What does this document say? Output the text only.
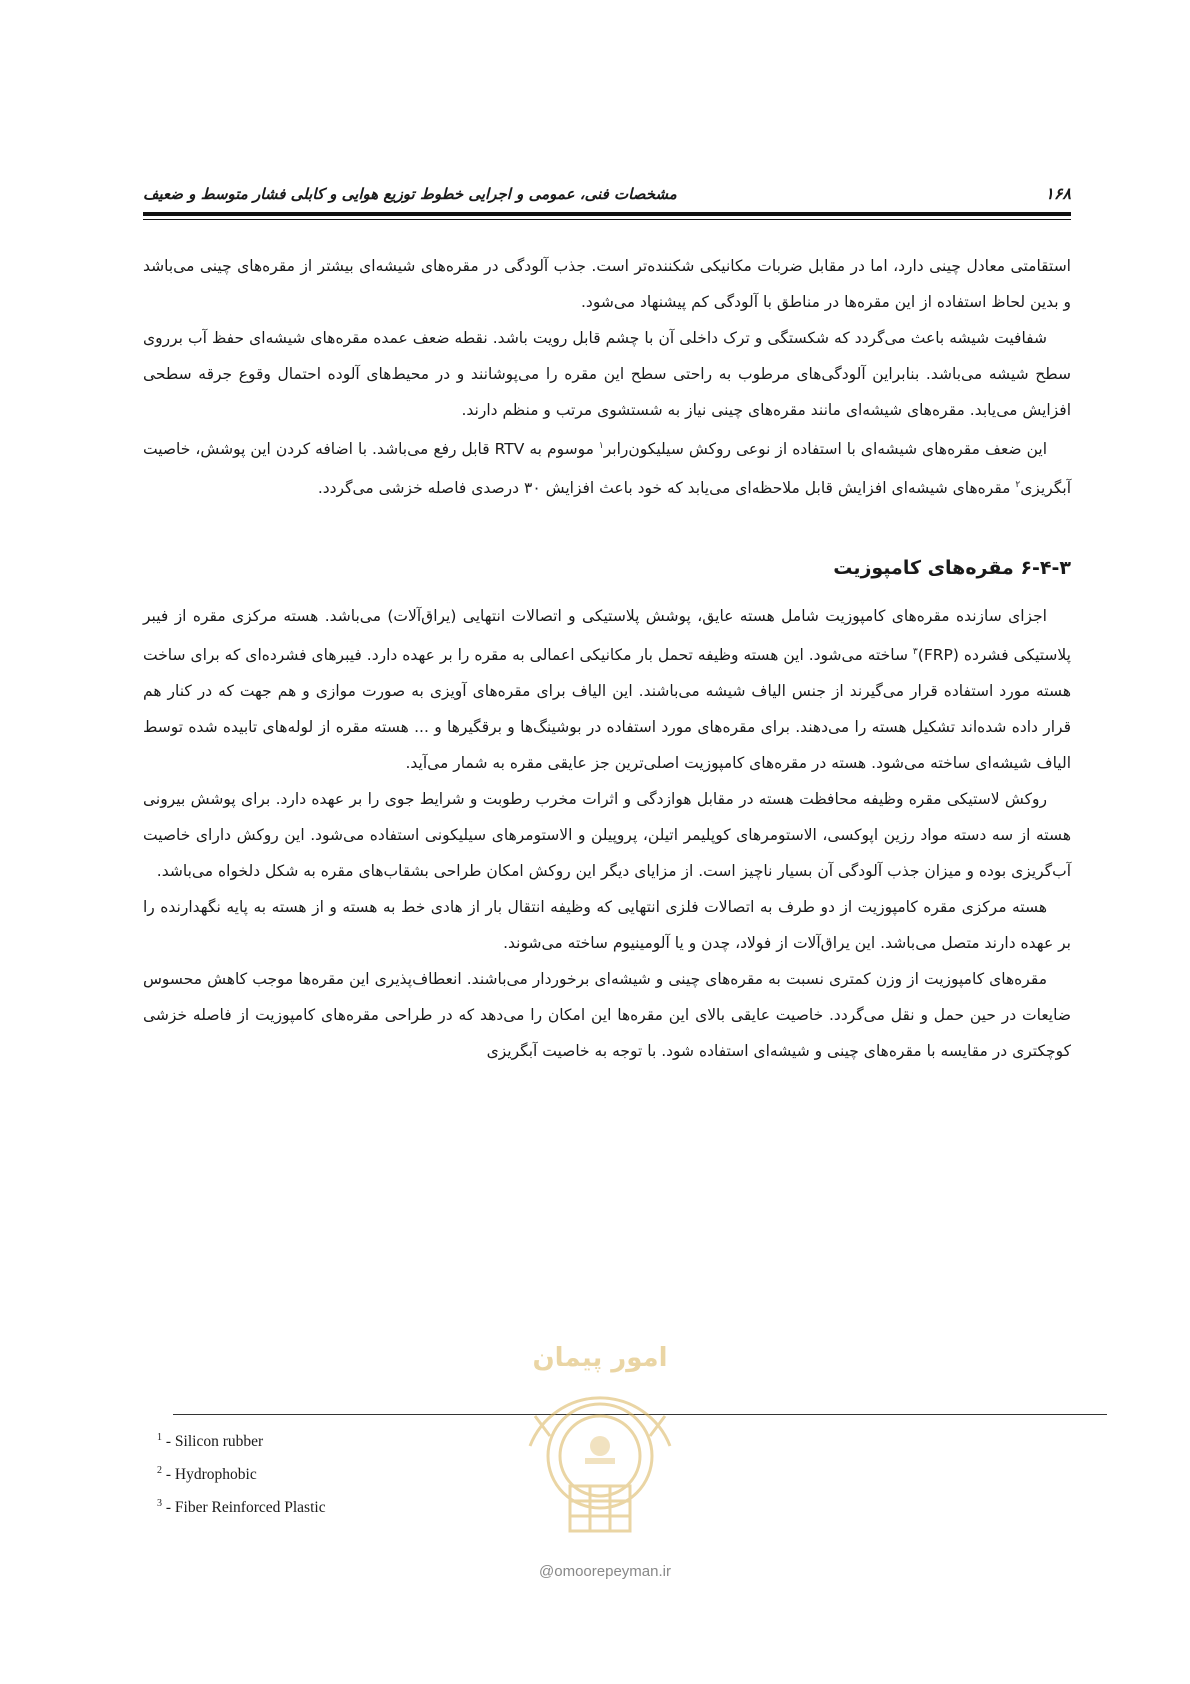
۱۶۸
مشخصات فنی، عمومی و اجرایی خطوط توزیع هوایی و کابلی فشار متوسط و ضعیف

استقامتی معادل چینی دارد، اما در مقابل ضربات مکانیکی شکننده‌تر است. جذب آلودگی در مقره‌های شیشه‌ای بیشتر از مقره‌های چینی می‌باشد و بدین لحاظ استفاده از این مقره‌ها در مناطق با آلودگی کم پیشنهاد می‌شود.

شفافیت شیشه باعث می‌گردد که شکستگی و ترک داخلی آن با چشم قابل رویت باشد. نقطه ضعف عمده مقره‌های شیشه‌ای حفظ آب برروی سطح شیشه می‌باشد. بنابراین آلودگی‌های مرطوب به راحتی سطح این مقره را می‌پوشانند و در محیط‌های آلوده احتمال وقوع جرقه سطحی افزایش می‌یابد. مقره‌های شیشه‌ای مانند مقره‌های چینی نیاز به شستشوی مرتب و منظم دارند.

این ضعف مقره‌های شیشه‌ای با استفاده از نوعی روکش سیلیکون‌رابر$^۱$ موسوم به RTV قابل رفع می‌باشد. با اضافه کردن این پوشش، خاصیت آبگریزی$^۲$ مقره‌های شیشه‌ای افزایش قابل ملاحظه‌ای می‌یابد که خود باعث افزایش ۳۰ درصدی فاصله خزشی می‌گردد.

۶-۴-۳ مقره‌های کامپوزیت

اجزای سازنده مقره‌های کامپوزیت شامل هسته عایق، پوشش پلاستیکی و اتصالات انتهایی (یراق‌آلات) می‌باشد. هسته مرکزی مقره از فیبر پلاستیکی فشرده (FRP)$^۳$ ساخته می‌شود. این هسته وظیفه تحمل بار مکانیکی اعمالی به مقره را بر عهده دارد. فیبرهای فشرده‌ای که برای ساخت هسته مورد استفاده قرار می‌گیرند از جنس الیاف شیشه می‌باشند. این الیاف برای مقره‌های آویزی به صورت موازی و هم جهت که در کنار هم قرار داده شده‌اند تشکیل هسته را می‌دهند. برای مقره‌های مورد استفاده در بوشینگ‌ها و برقگیرها و ... هسته مقره از لوله‌های تابیده شده توسط الیاف شیشه‌ای ساخته می‌شود. هسته در مقره‌های کامپوزیت اصلی‌ترین جز عایقی مقره به شمار می‌آید.

روکش لاستیکی مقره وظیفه محافظت هسته در مقابل هوازدگی و اثرات مخرب رطوبت و شرایط جوی را بر عهده دارد. برای پوشش بیرونی هسته از سه دسته مواد رزین اپوکسی، الاستومرهای کوپلیمر اتیلن، پروپیلن و الاستومرهای سیلیکونی استفاده می‌شود. این روکش دارای خاصیت آب‌گریزی بوده و میزان جذب آلودگی آن بسیار ناچیز است. از مزایای دیگر این روکش امکان طراحی بشقاب‌های مقره به شکل دلخواه می‌باشد.

هسته مرکزی مقره کامپوزیت از دو طرف به اتصالات فلزی انتهایی که وظیفه انتقال بار از هادی خط به هسته و از هسته به پایه نگهدارنده را بر عهده دارند متصل می‌باشد. این یراق‌آلات از فولاد، چدن و یا آلومینیوم ساخته می‌شوند.

مقره‌های کامپوزیت از وزن کمتری نسبت به مقره‌های چینی و شیشه‌ای برخوردار می‌باشند. انعطاف‌پذیری این مقره‌ها موجب کاهش محسوس ضایعات در حین حمل و نقل می‌گردد. خاصیت عایقی بالای این مقره‌ها این امکان را می‌دهد که در طراحی مقره‌های کامپوزیت از فاصله خزشی کوچکتری در مقایسه با مقره‌های چینی و شیشه‌ای استفاده شود. با توجه به خاصیت آبگریزی

$^1$ - Silicon rubber
$^2$ - Hydrophobic
$^3$ - Fiber Reinforced Plastic
امور پیمان
@omoorepeyman.ir
